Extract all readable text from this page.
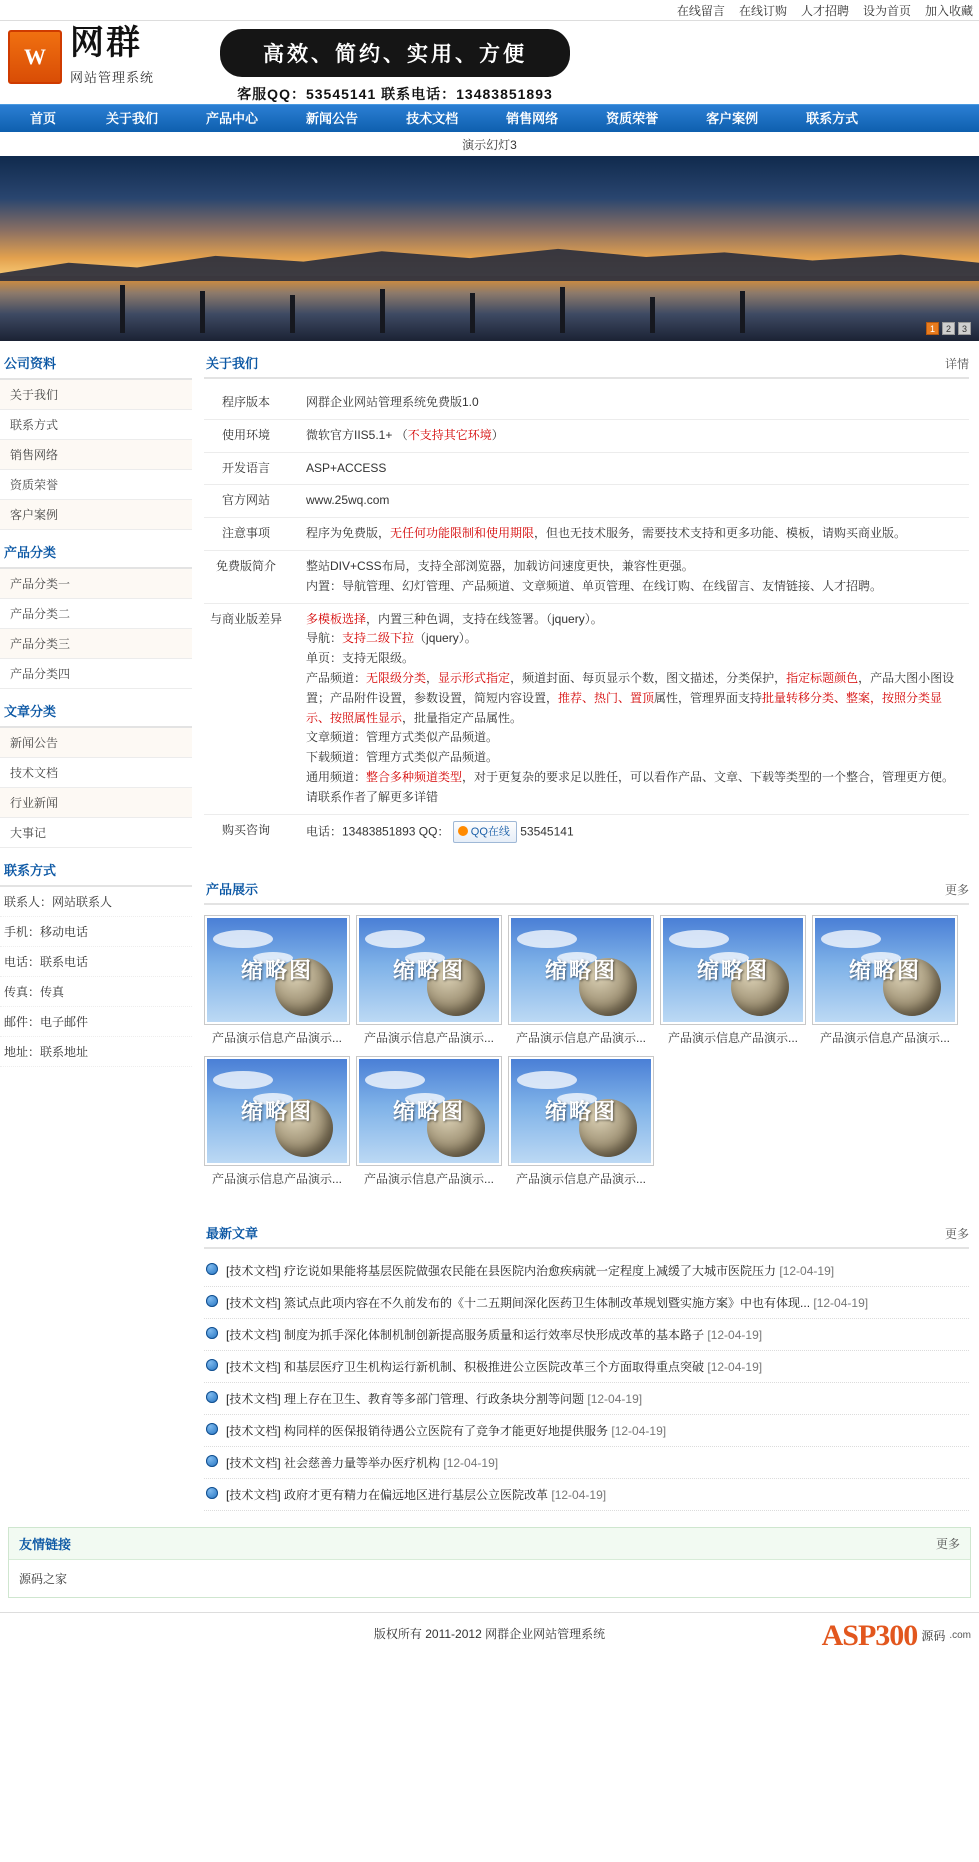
在线留言 在线订购 人才招聘 设为首页 加入收藏
W 网群
网站管理系统
高效、简约、实用、方便
客服QQ：53545141 联系电话：13483851893
首页	关于我们	产品中心	新闻公告	技术文档	销售网络	资质荣誉	客户案例	联系方式
演示幻灯3
1	2	3
公司资料
关于我们
联系方式
销售网络
资质荣誉
客户案例
产品分类
产品分类一
产品分类二
产品分类三
产品分类四
文章分类
新闻公告
技术文档
行业新闻
大事记
联系方式
联系人：网站联系人
手机：移动电话
电话：联系电话
传真：传真
邮件：电子邮件
地址：联系地址
关于我们	详情
程序版本	网群企业网站管理系统免费版1.0
使用环境	微软官方IIS5.1+ （不支持其它环境）
开发语言	ASP+ACCESS
官方网站	www.25wq.com
注意事项	程序为免费版，无任何功能限制和使用期限，但也无技术服务，需要技术支持和更多功能、模板，请购买商业版。
免费版简介	整站DIV+CSS布局，支持全部浏览器，加载访问速度更快，兼容性更强。
内置：导航管理、幻灯管理、产品频道、文章频道、单页管理、在线订购、在线留言、友情链接、人才招聘。

与商业版差异	多模板选择，内置三种色调，支持在线签署。（jquery）。
导航：支持二级下拉（jquery）。
单页：支持无限级。
产品频道：无限级分类，显示形式指定，频道封面、每页显示个数，图文描述，分类保护，指定标题颜色，产品大图小图设置；产品附件设置，参数设置，简短内容设置，推荐、热门、置顶属性，管理界面支持批量转移分类、整案，按照分类显示、按照属性显示，批量指定产品属性。
文章频道：管理方式类似产品频道。
下载频道：管理方式类似产品频道。
通用频道：整合多种频道类型，对于更复杂的要求足以胜任，可以看作产品、文章、下载等类型的一个整合，管理更方便。
请联系作者了解更多详错

购买咨询	电话：13483851893 QQ： QQ在线 53545141
产品展示	更多
缩略图
产品演示信息产品演示...
缩略图
产品演示信息产品演示...
缩略图
产品演示信息产品演示...
缩略图
产品演示信息产品演示...
缩略图
产品演示信息产品演示...
缩略图
产品演示信息产品演示...
缩略图
产品演示信息产品演示...
缩略图
产品演示信息产品演示...
最新文章	更多
[技术文档] 疗讫说如果能将基层医院做强农民能在县医院内治愈疾病就一定程度上减缓了大城市医院压力 [12-04-19]
[技术文档] 篜试点此项内容在不久前发布的《十二五期间深化医药卫生体制改革规划暨实施方案》中也有体现... [12-04-19]
[技术文档] 制度为抓手深化体制机制创新提高服务质量和运行效率尽快形成改革的基本路子 [12-04-19]
[技术文档] 和基层医疗卫生机构运行新机制、积极推进公立医院改革三个方面取得重点突破 [12-04-19]
[技术文档] 理上存在卫生、教育等多部门管理、行政条块分割等问题 [12-04-19]
[技术文档] 构同样的医保报销待遇公立医院有了竞争才能更好地提供服务 [12-04-19]
[技术文档] 社会慈善力量等举办医疗机构 [12-04-19]
[技术文档] 政府才更有精力在偏远地区进行基层公立医院改革 [12-04-19]
友情链接	更多
源码之家
版权所有 2011-2012 网群企业网站管理系统	ASP300 源码 .com
